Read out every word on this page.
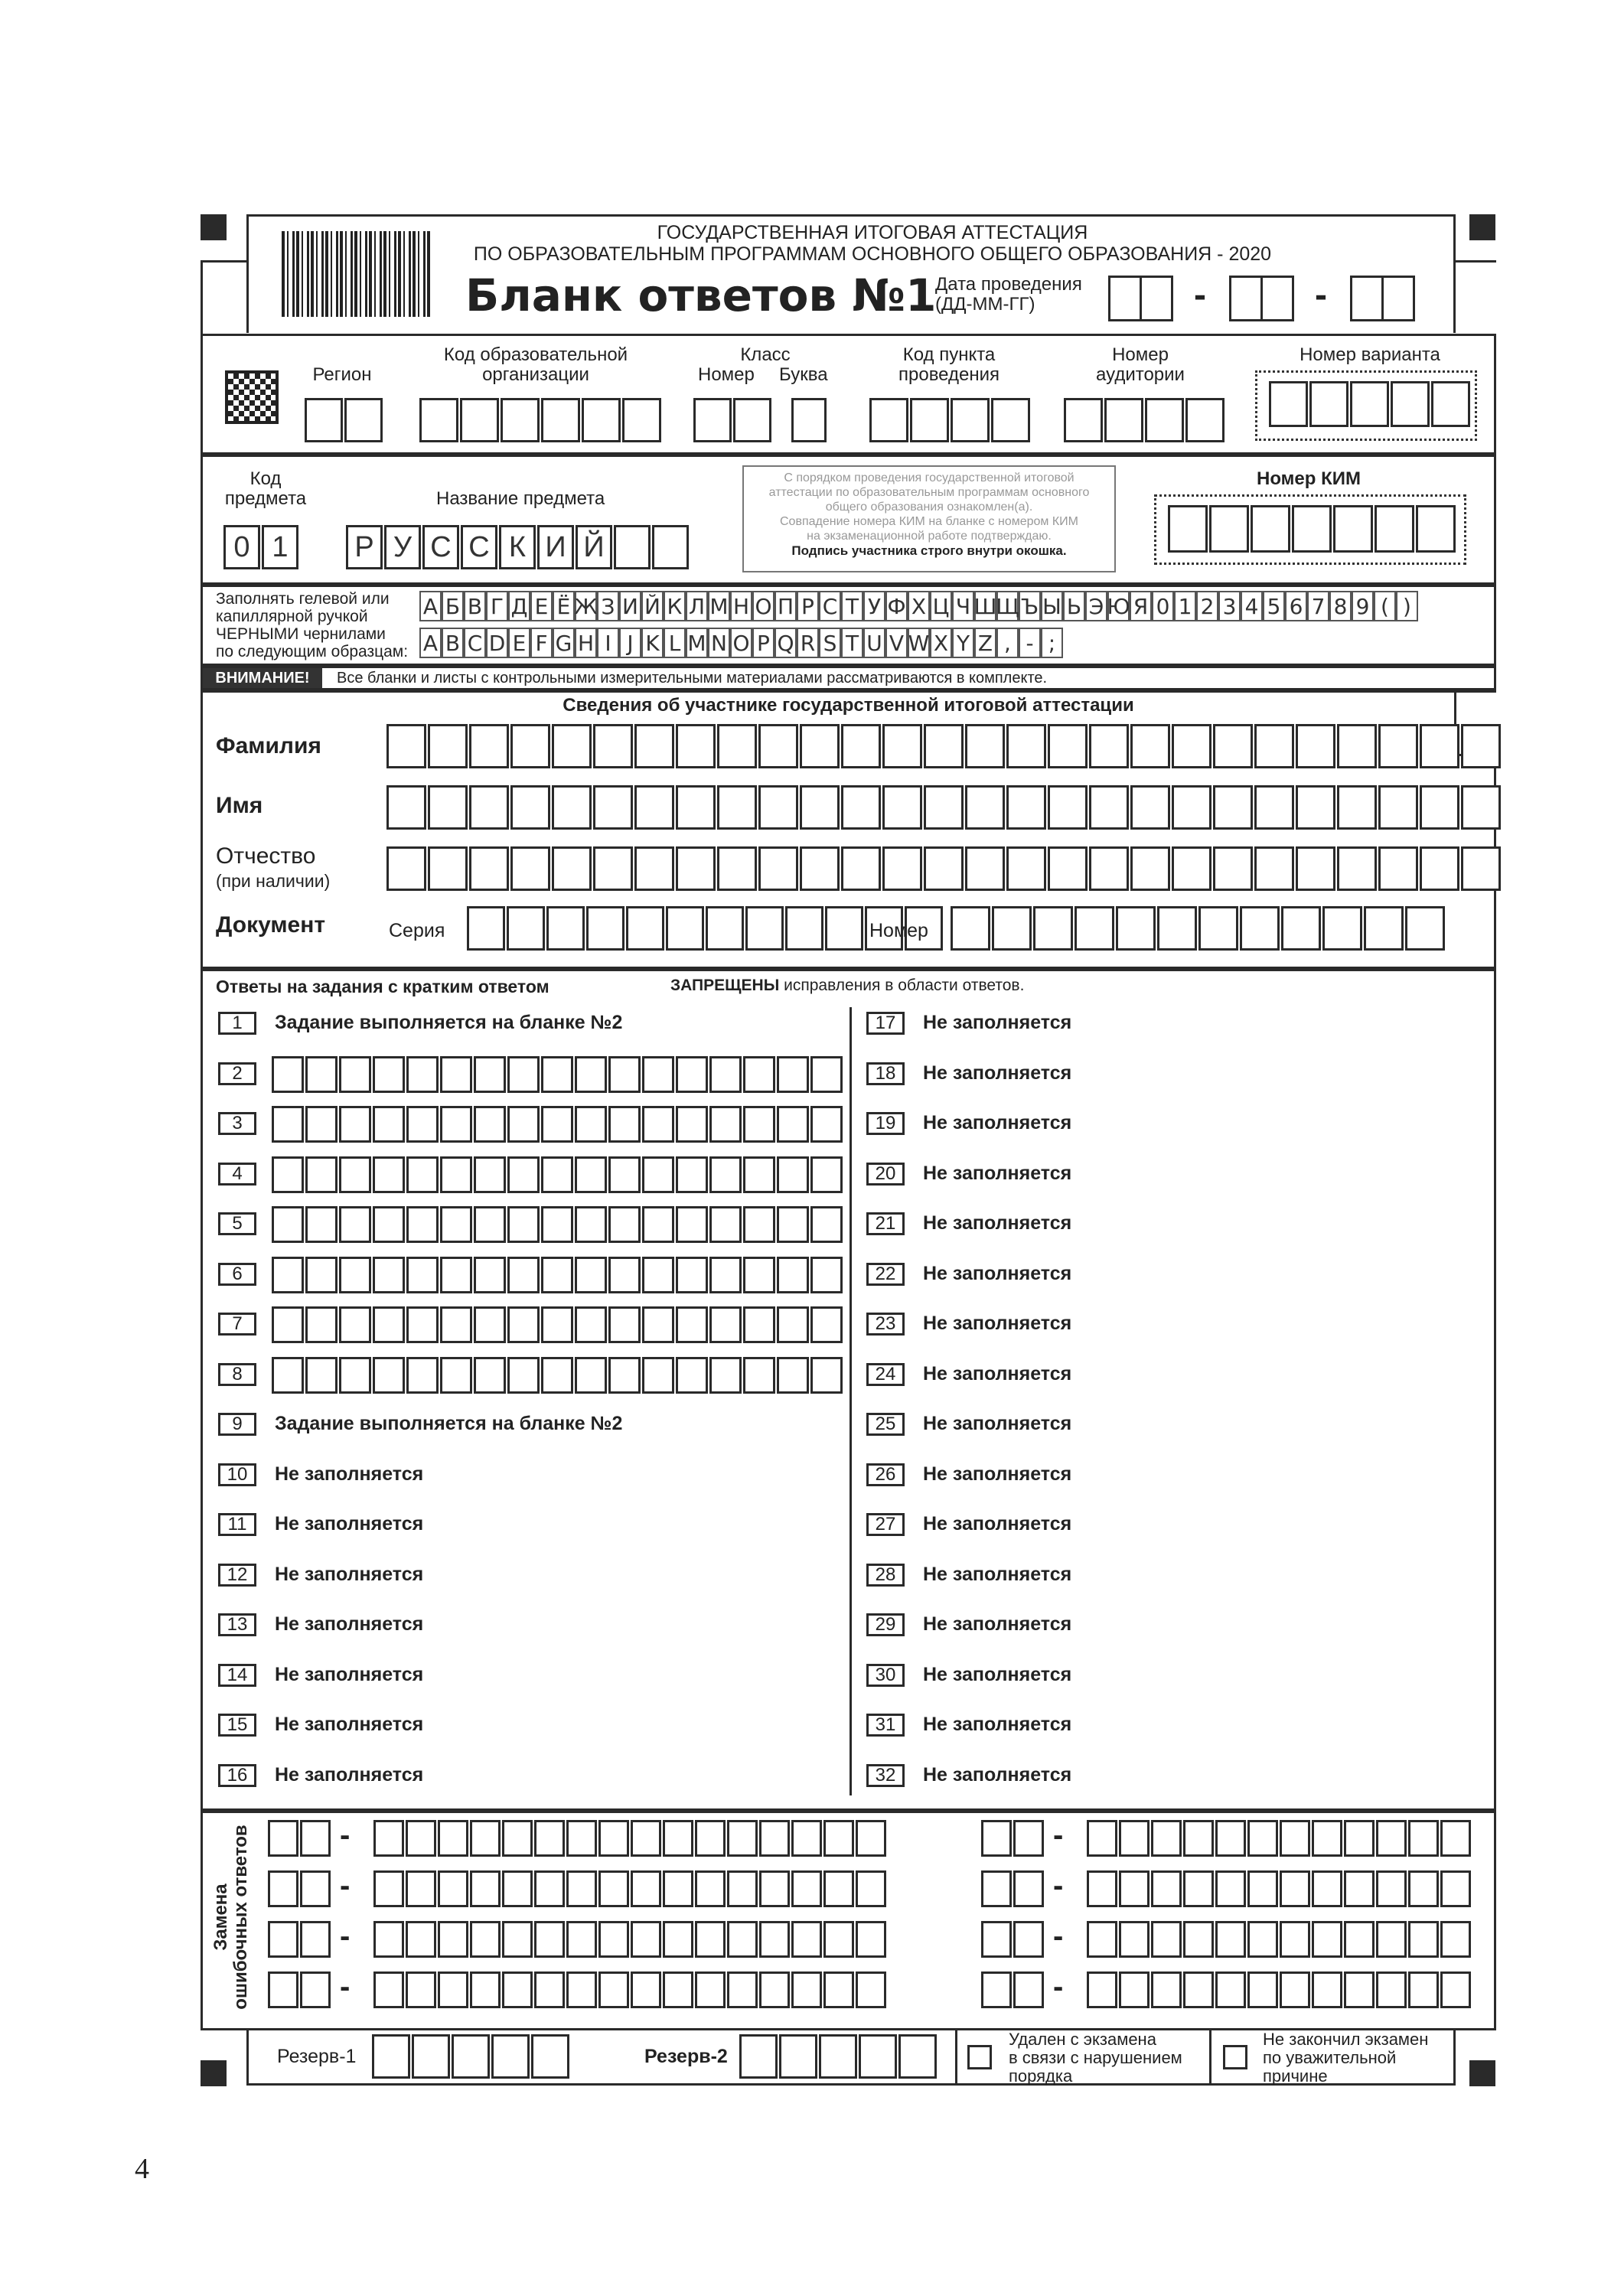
ГОСУДАРСТВЕННАЯ ИТОГОВАЯ АТТЕСТАЦИЯ
ПО ОБРАЗОВАТЕЛЬНЫМ ПРОГРАММАМ ОСНОВНОГО ОБЩЕГО ОБРАЗОВАНИЯ - 2020
Бланк ответов №1
Дата проведения
(ДД-ММ-ГГ)	-	-
Регион
Код образовательной
организации
Класс
Номер Буква
Код пункта
проведения
Номер
аудитории
Номер варианта
Код
предмета
0 1
Название предмета
Р У С С К И Й
С порядком проведения государственной итоговой
аттестации по образовательным программам основного
общего образования ознакомлен(а).
Совпадение номера КИМ на бланке с номером КИМ
на экзаменационной работе подтверждаю.
Подпись участника строго внутри окошка.
Номер КИМ
Заполнять гелевой или
капиллярной ручкой
ЧЕРНЫМИ чернилами
по следующим образцам:
А Б В Г Д Е Ё Ж З И Й К Л М Н О П Р С Т У Ф Х Ц Ч Ш
Щ Ъ Ы Ь Э Ю Я 0 1 2 3 4 5 6 7 8 9 ( )
A B C D E F G H I J K L M N O P Q R S T U V W X Y Z , - ;
ВНИМАНИЕ!	Все бланки и листы с контрольными измерительными материалами рассматриваются в комплекте.
Сведения об участнике государственной итоговой аттестации
Фамилия
Имя
Отчество
(при наличии)
Документ	Серия	Номер
Ответы на задания с кратким ответом	ЗАПРЕЩЕНЫ исправления в области ответов.
1	Задание выполняется на бланке №2
2
3
4
5
6
7
8
9	Задание выполняется на бланке №2
10	Не заполняется
11	Не заполняется
12	Не заполняется
13	Не заполняется
14	Не заполняется
15	Не заполняется
16	Не заполняется
17	Не заполняется
18	Не заполняется
19	Не заполняется
20	Не заполняется
21	Не заполняется
22	Не заполняется
23	Не заполняется
24	Не заполняется
25	Не заполняется
26	Не заполняется
27	Не заполняется
28	Не заполняется
29	Не заполняется
30	Не заполняется
31	Не заполняется
32	Не заполняется
Замена ошибочных ответов	-	-
-	-
-	-
-	-
Резерв-1	Резерв-2
Удален с экзамена
в связи с нарушением
порядка
Не закончил экзамен
по уважительной
причине
4
